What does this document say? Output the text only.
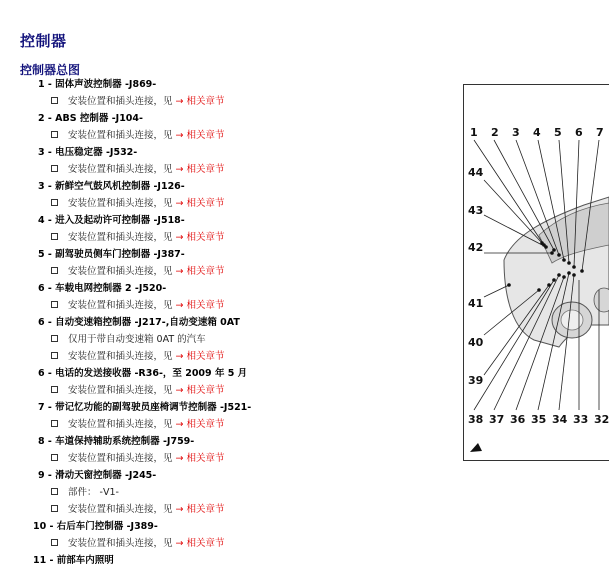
控制器
控制器总图
1 - 固体声波控制器 -J869-
安装位置和插头连接，见 → 相关章节
2 - ABS 控制器 -J104-
安装位置和插头连接，见 → 相关章节
3 - 电压稳定器 -J532-
安装位置和插头连接，见 → 相关章节
3 - 新鲜空气鼓风机控制器 -J126-
安装位置和插头连接，见 → 相关章节
4 - 进入及起动许可控制器 -J518-
安装位置和插头连接，见 → 相关章节
5 - 副驾驶员侧车门控制器 -J387-
安装位置和插头连接，见 → 相关章节
6 - 车载电网控制器 2 -J520-
安装位置和插头连接，见 → 相关章节
6 - 自动变速箱控制器 -J217-,自动变速箱 0AT
仅用于带自动变速箱 0AT 的汽车
安装位置和插头连接，见 → 相关章节
6 - 电话的发送接收器 -R36-，至 2009 年 5 月
安装位置和插头连接，见 → 相关章节
7 - 带记忆功能的副驾驶员座椅调节控制器 -J521-
安装位置和插头连接，见 → 相关章节
8 - 车道保持辅助系统控制器 -J759-
安装位置和插头连接，见 → 相关章节
9 - 滑动天窗控制器 -J245-
部件： -V1-
安装位置和插头连接，见 → 相关章节
10 - 右后车门控制器 -J389-
安装位置和插头连接，见 → 相关章节
11 - 前部车内照明
1 2 3 4 5 6 7
44
43
42
41
40
39
38 37 36 35 34 33 32
